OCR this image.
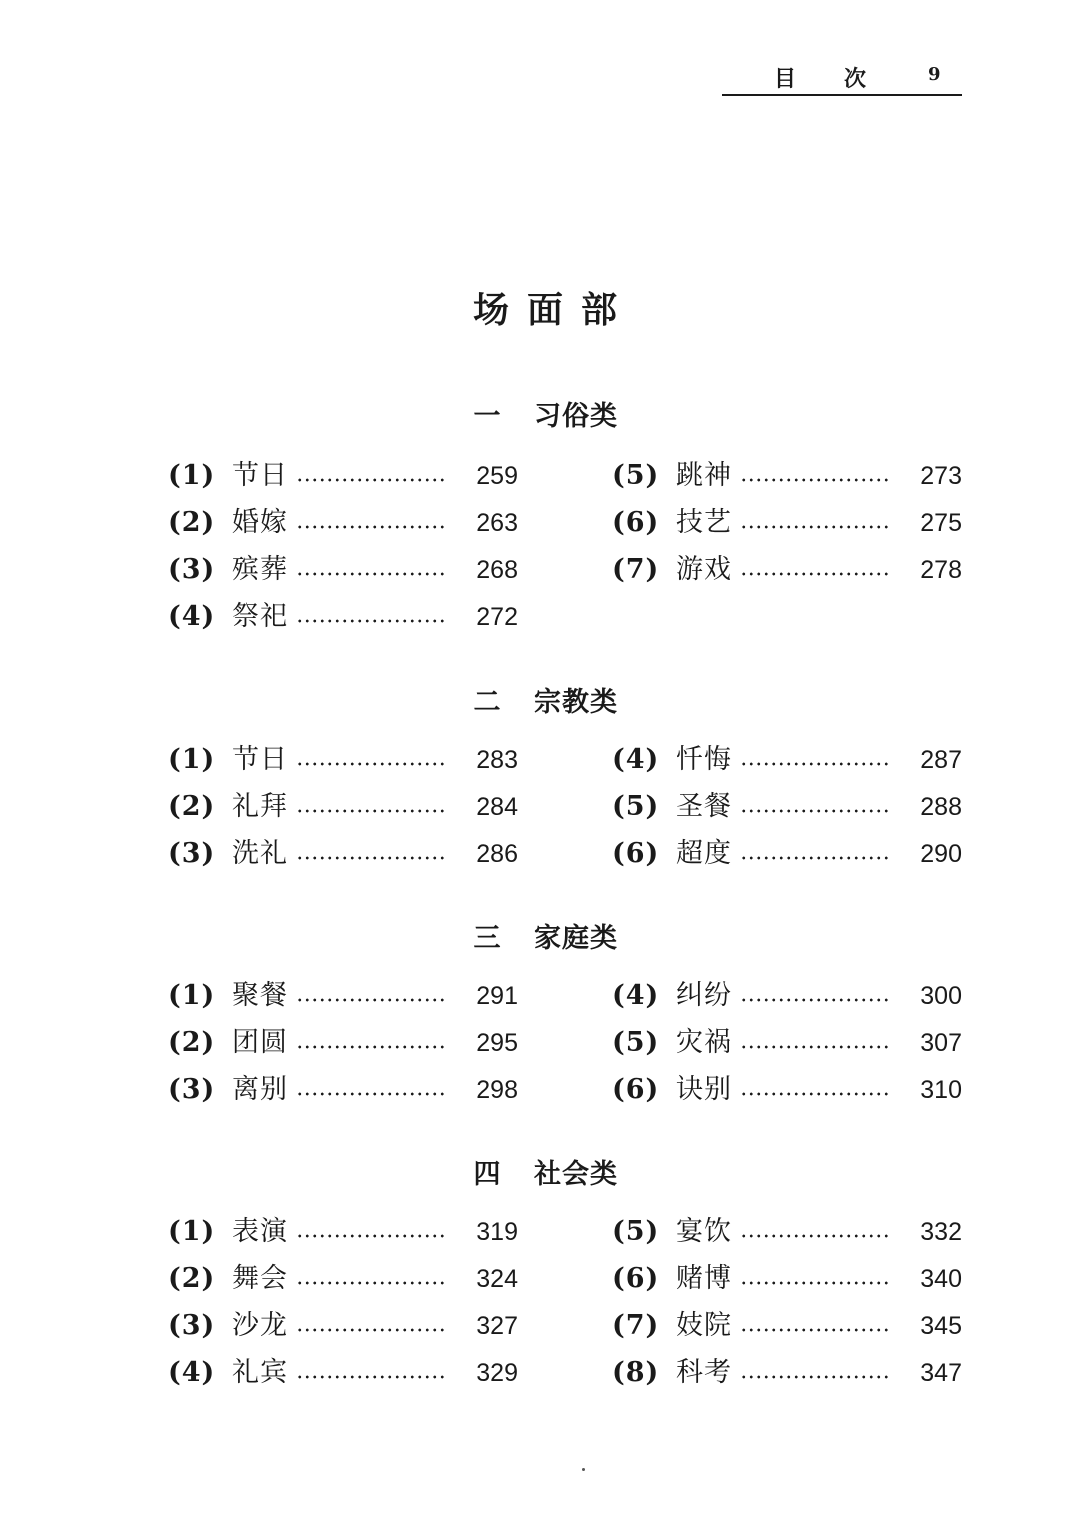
目 次	9
场面部
一 习俗类
(1) 节日	259
(2) 婚嫁	263
(3) 殡葬	268
(4) 祭祀	272
(5) 跳神	273
(6) 技艺	275
(7) 游戏	278
二 宗教类
(1) 节日	283
(2) 礼拜	284
(3) 洗礼	286
(4) 忏悔	287
(5) 圣餐	288
(6) 超度	290
三 家庭类
(1) 聚餐	291
(2) 团圆	295
(3) 离别	298
(4) 纠纷	300
(5) 灾祸	307
(6) 诀别	310
四 社会类
(1) 表演	319
(2) 舞会	324
(3) 沙龙	327
(4) 礼宾	329
(5) 宴饮	332
(6) 赌博	340
(7) 妓院	345
(8) 科考	347
